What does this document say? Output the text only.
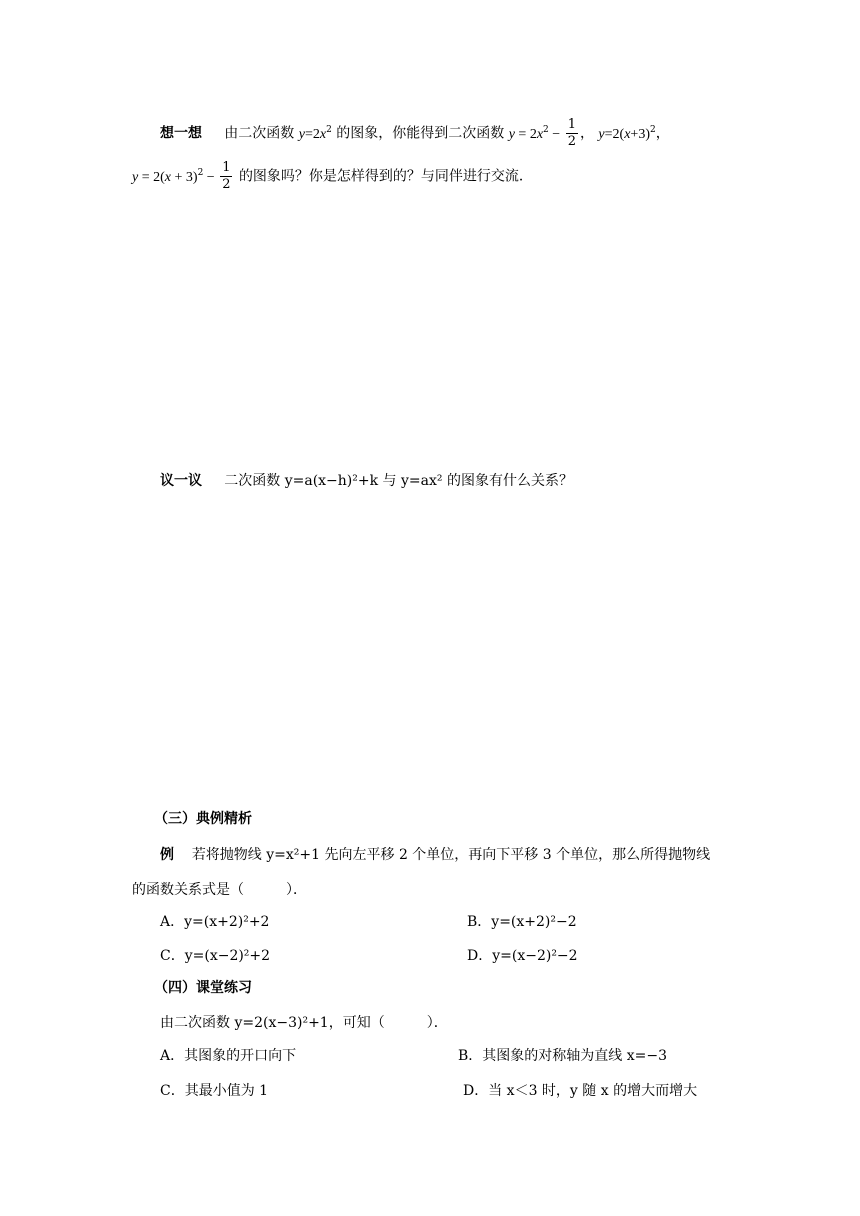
想一想 由二次函数 $y=2x^2$ 的图象，你能得到二次函数 $y = 2x^2 - \frac{1}{2}$ ， $y=2(x+3)^2$，
$y = 2(x + 3)^2 - \frac{1}{2}$ 的图象吗？你是怎样得到的？与同伴进行交流．
议一议 二次函数 y=a(x−h)²+k 与 y=ax² 的图象有什么关系？
（三）典例精析
例 若将抛物线 y=x²+1 先向左平移 2 个单位，再向下平移 3 个单位，那么所得抛物线
的函数关系式是（　　　）．
A．y=(x+2)²+2	B．y=(x+2)²−2
C．y=(x−2)²+2	D．y=(x−2)²−2
（四）课堂练习
由二次函数 y=2(x−3)²+1，可知（　　　）．
A．其图象的开口向下	B．其图象的对称轴为直线 x=−3
C．其最小值为 1	D．当 x＜3 时，y 随 x 的增大而增大
